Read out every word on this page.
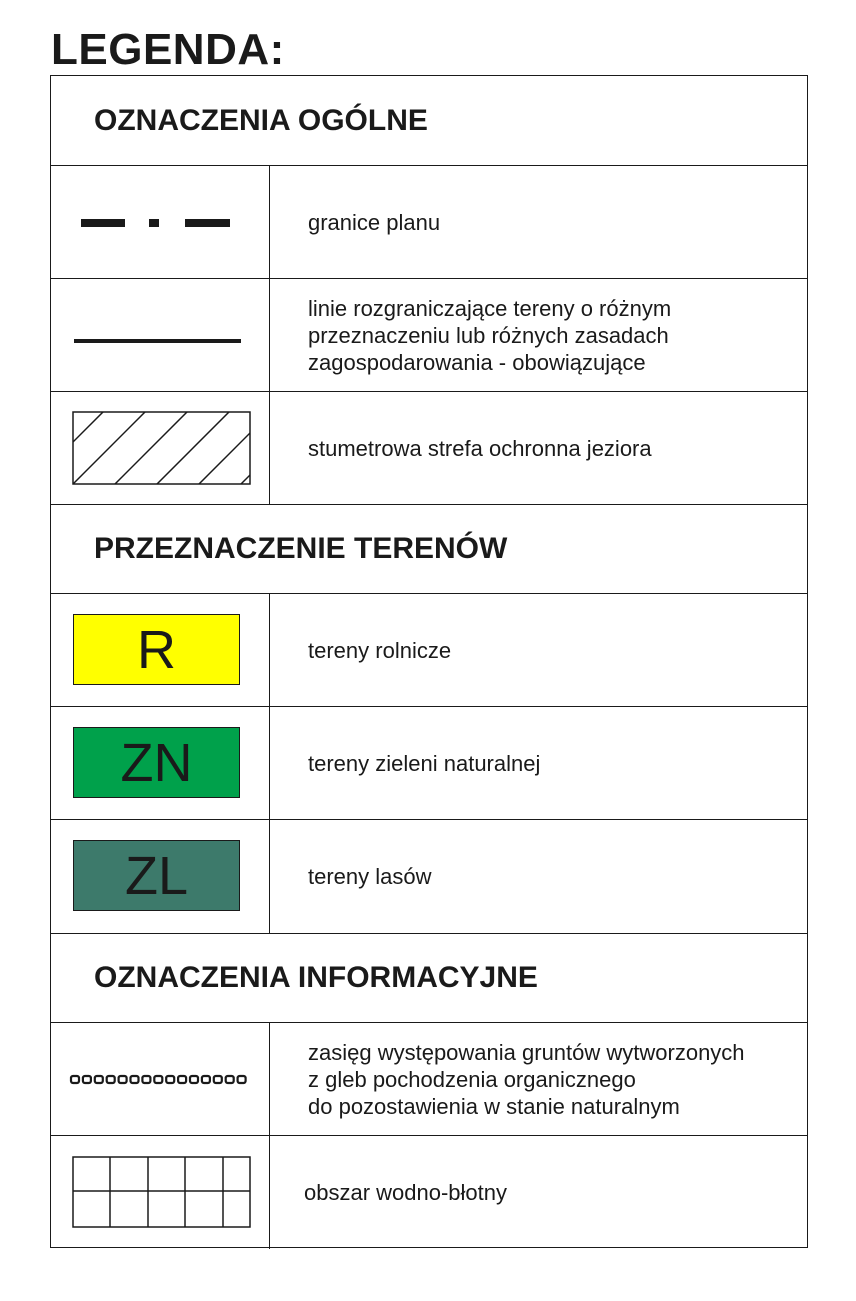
LEGENDA:
OZNACZENIA OGÓLNE
granice planu
linie rozgraniczające tereny o różnym
przeznaczeniu lub różnych zasadach
zagospodarowania - obowiązujące
stumetrowa strefa ochronna jeziora
PRZEZNACZENIE TERENÓW
R	tereny rolnicze
ZN	tereny zieleni naturalnej
ZL	tereny lasów
OZNACZENIA INFORMACYJNE
zasięg występowania gruntów wytworzonych
z gleb pochodzenia organicznego
do pozostawienia w stanie naturalnym
obszar wodno-błotny
